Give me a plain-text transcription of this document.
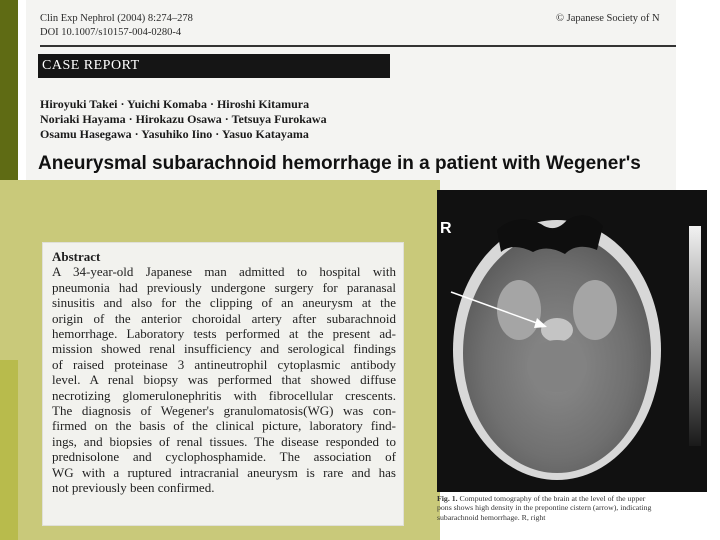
Clin Exp Nephrol (2004) 8:274–278
DOI 10.1007/s10157-004-0280-4
© Japanese Society of N
CASE REPORT
Hiroyuki Takei · Yuichi Komaba · Hiroshi Kitamura
Noriaki Hayama · Hirokazu Osawa · Tetsuya Furokawa
Osamu Hasegawa · Yasuhiko Iino · Yasuo Katayama
Aneurysmal subarachnoid hemorrhage in a patient with Wegener's
Abstract
A 34-year-old Japanese man admitted to hospital with
pneumonia had previously undergone surgery for paranasal
sinusitis and also for the clipping of an aneurysm at the
origin of the anterior choroidal artery after subarachnoid
hemorrhage. Laboratory tests performed at the present ad-
mission showed renal insufficiency and serological findings
of raised proteinase 3 antineutrophil cytoplasmic antibody
level. A renal biopsy was performed that showed diffuse
necrotizing glomerulonephritis with fibrocellular crescents.
The diagnosis of Wegener's granulomatosis(WG) was con-
firmed on the basis of the clinical picture, laboratory find-
ings, and biopsies of renal tissues. The disease responded to
prednisolone and cyclophosphamide. The association of
WG with a ruptured intracranial aneurysm is rare and has
not previously been confirmed.
R
Fig. 1. Computed tomography of the brain at the level of the upper
pons shows high density in the prepontine cistern (arrow), indicating
subarachnoid hemorrhage. R, right
